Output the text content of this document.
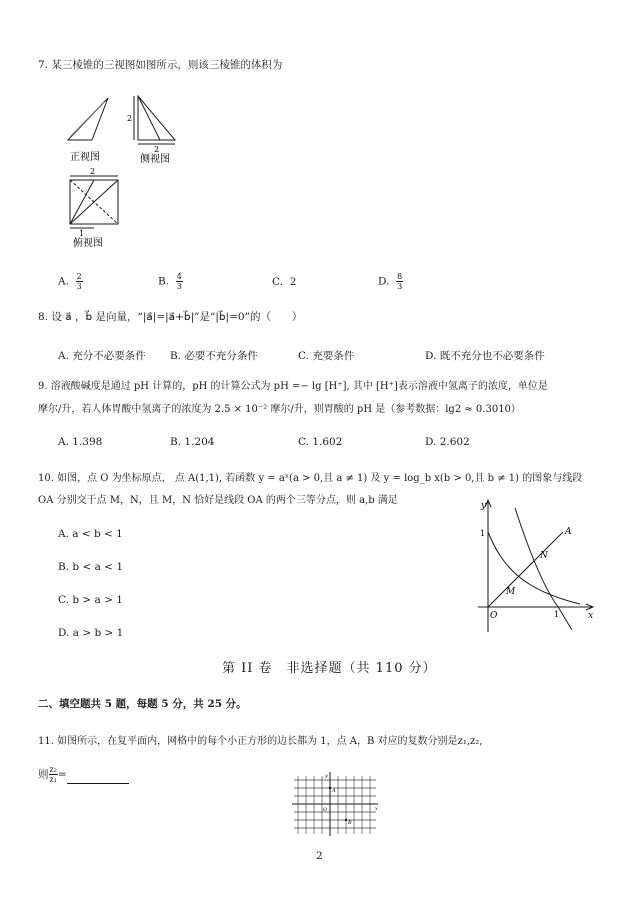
7. 某三棱锥的三视图如图所示，则该三棱锥的体积为
正视图
2
2
侧视图
2
1
俯视图
A. $\frac{2}{3}$	B. $\frac{4}{3}$	C. 2	D. $\frac{8}{3}$
8. 设 a⃗ ，b⃗ 是向量，“|a⃗|=|a⃗+b⃗|”是“|b⃗|=0”的（　　）
A. 充分不必要条件 B. 必要不充分条件	C. 充要条件	D. 既不充分也不必要条件
9. 溶液酸碱度是通过 pH 计算的，pH 的计算公式为 pH =− lg [H⁺], 其中 [H⁺]表示溶液中氢离子的浓度，单位是
摩尔/升，若人体胃酸中氢离子的浓度为 2.5 × 10⁻² 摩尔/升，则胃酸的 pH 是（参考数据：lg2 ≈ 0.3010）
A. 1.398	B. 1.204	C. 1.602	D. 2.602
10. 如图，点 O 为坐标原点， 点 A(1,1), 若函数 y = aˣ(a > 0,且 a ≠ 1) 及 y = log_b x(b > 0,且 b ≠ 1) 的图象与线段
OA 分别交于点 M，N，且 M，N 恰好是线段 OA 的两个三等分点，则 a,b 满足
A. a < b < 1
B. b < a < 1
C. b > a > 1
D. a > b > 1
y
x
O
A
M
N
1
1
第 II 卷　非选择题（共 110 分）
二、填空题共 5 题，每题 5 分，共 25 分。
11. 如图所示，在复平面内，网格中的每个小正方形的边长都为 1，点 A，B 对应的复数分别是z₁,z₂,
则 $\frac{\text{z₂}}{\text{z₁}}$ =	y
x
O
A
B
2
